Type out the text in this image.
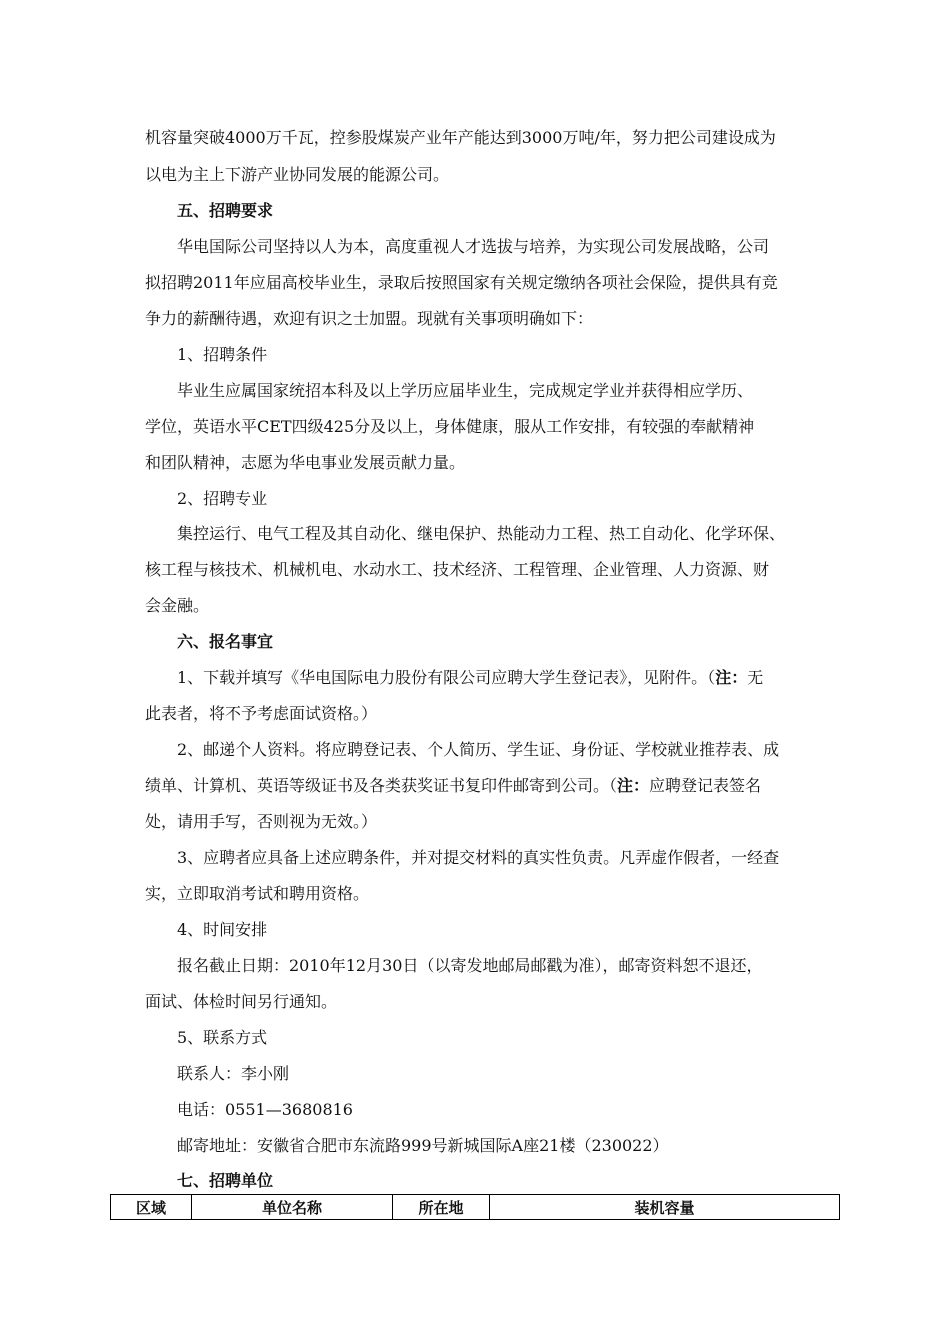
机容量突破4000万千瓦，控参股煤炭产业年产能达到3000万吨/年，努力把公司建设成为
以电为主上下游产业协同发展的能源公司。
五、招聘要求
华电国际公司坚持以人为本，高度重视人才选拔与培养，为实现公司发展战略，公司
拟招聘2011年应届高校毕业生，录取后按照国家有关规定缴纳各项社会保险，提供具有竞
争力的薪酬待遇，欢迎有识之士加盟。现就有关事项明确如下：
1、招聘条件
毕业生应属国家统招本科及以上学历应届毕业生，完成规定学业并获得相应学历、
学位，英语水平CET四级425分及以上，身体健康，服从工作安排，有较强的奉献精神
和团队精神，志愿为华电事业发展贡献力量。
2、招聘专业
集控运行、电气工程及其自动化、继电保护、热能动力工程、热工自动化、化学环保、
核工程与核技术、机械机电、水动水工、技术经济、工程管理、企业管理、人力资源、财
会金融。
六、报名事宜
1、下载并填写《华电国际电力股份有限公司应聘大学生登记表》，见附件。（注：无
此表者，将不予考虑面试资格。）
2、邮递个人资料。将应聘登记表、个人简历、学生证、身份证、学校就业推荐表、成
绩单、计算机、英语等级证书及各类获奖证书复印件邮寄到公司。（注：应聘登记表签名
处，请用手写，否则视为无效。）
3、应聘者应具备上述应聘条件，并对提交材料的真实性负责。凡弄虚作假者，一经查
实，立即取消考试和聘用资格。
4、时间安排
报名截止日期：2010年12月30日（以寄发地邮局邮戳为准），邮寄资料恕不退还，
面试、体检时间另行通知。
5、联系方式
联系人：李小刚
电话：0551—3680816
邮寄地址：安徽省合肥市东流路999号新城国际A座21楼（230022）
七、招聘单位
区域	单位名称	所在地	装机容量
